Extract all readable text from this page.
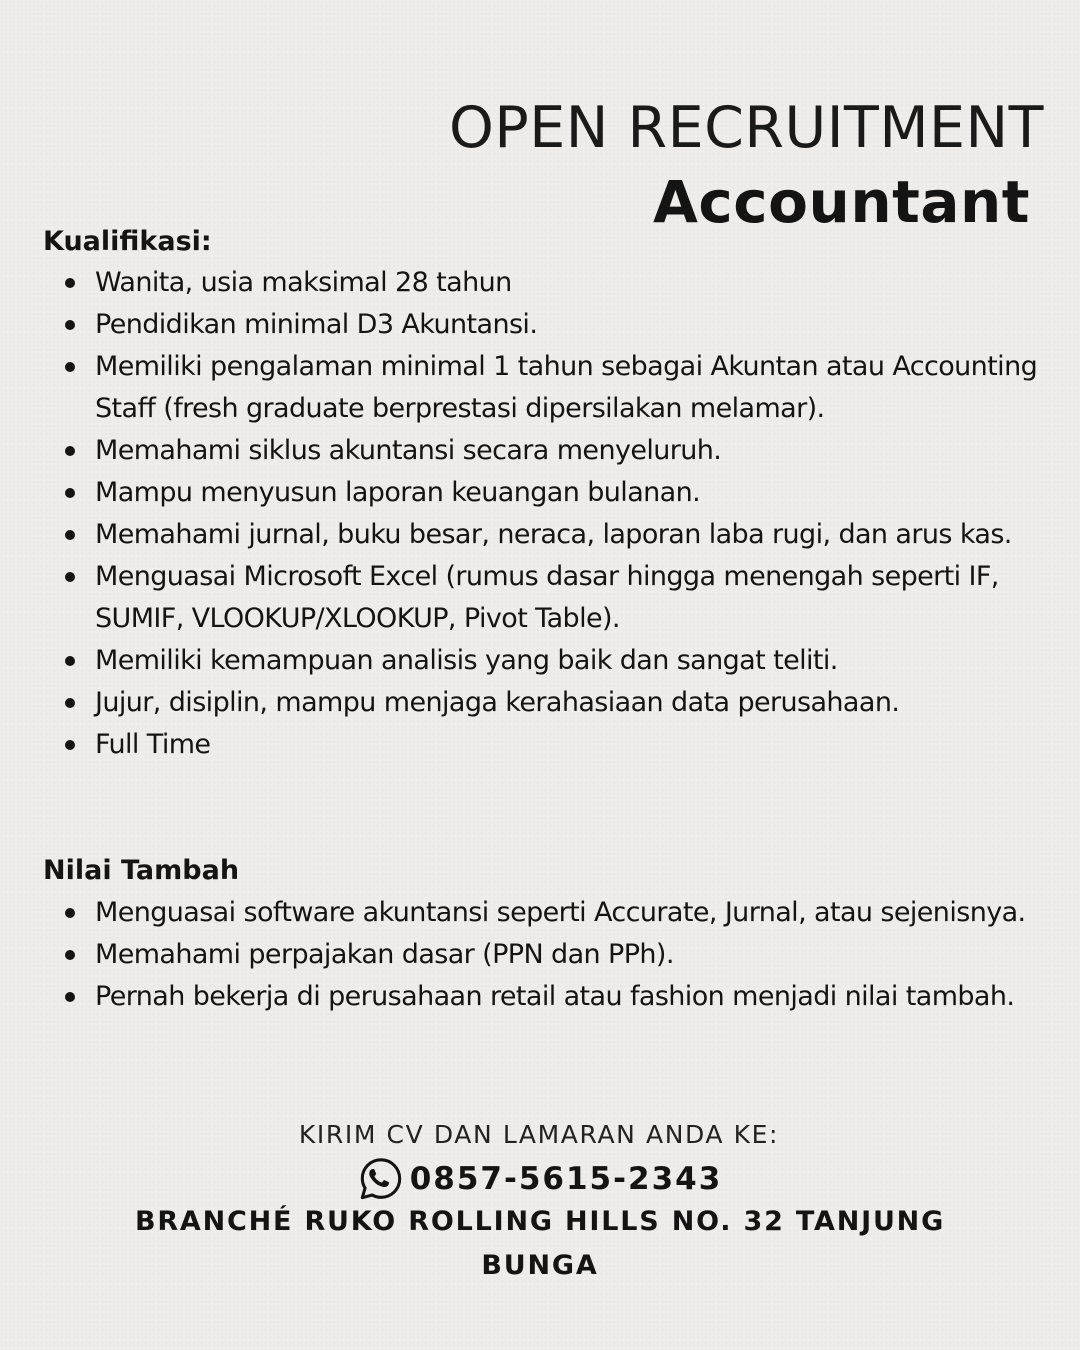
OPEN RECRUITMENT
Accountant
Kualifikasi:
Wanita, usia maksimal 28 tahun
Pendidikan minimal D3 Akuntansi.
Memiliki pengalaman minimal 1 tahun sebagai Akuntan atau Accounting Staff (fresh graduate berprestasi dipersilakan melamar).
Memahami siklus akuntansi secara menyeluruh.
Mampu menyusun laporan keuangan bulanan.
Memahami jurnal, buku besar, neraca, laporan laba rugi, dan arus kas.
Menguasai Microsoft Excel (rumus dasar hingga menengah seperti IF, SUMIF, VLOOKUP/XLOOKUP, Pivot Table).
Memiliki kemampuan analisis yang baik dan sangat teliti.
Jujur, disiplin, mampu menjaga kerahasiaan data perusahaan.
Full Time
Nilai Tambah
Menguasai software akuntansi seperti Accurate, Jurnal, atau sejenisnya.
Memahami perpajakan dasar (PPN dan PPh).
Pernah bekerja di perusahaan retail atau fashion menjadi nilai tambah.
KIRIM CV DAN LAMARAN ANDA KE:
0857-5615-2343
BRANCHÉ RUKO ROLLING HILLS NO. 32 TANJUNG BUNGA
